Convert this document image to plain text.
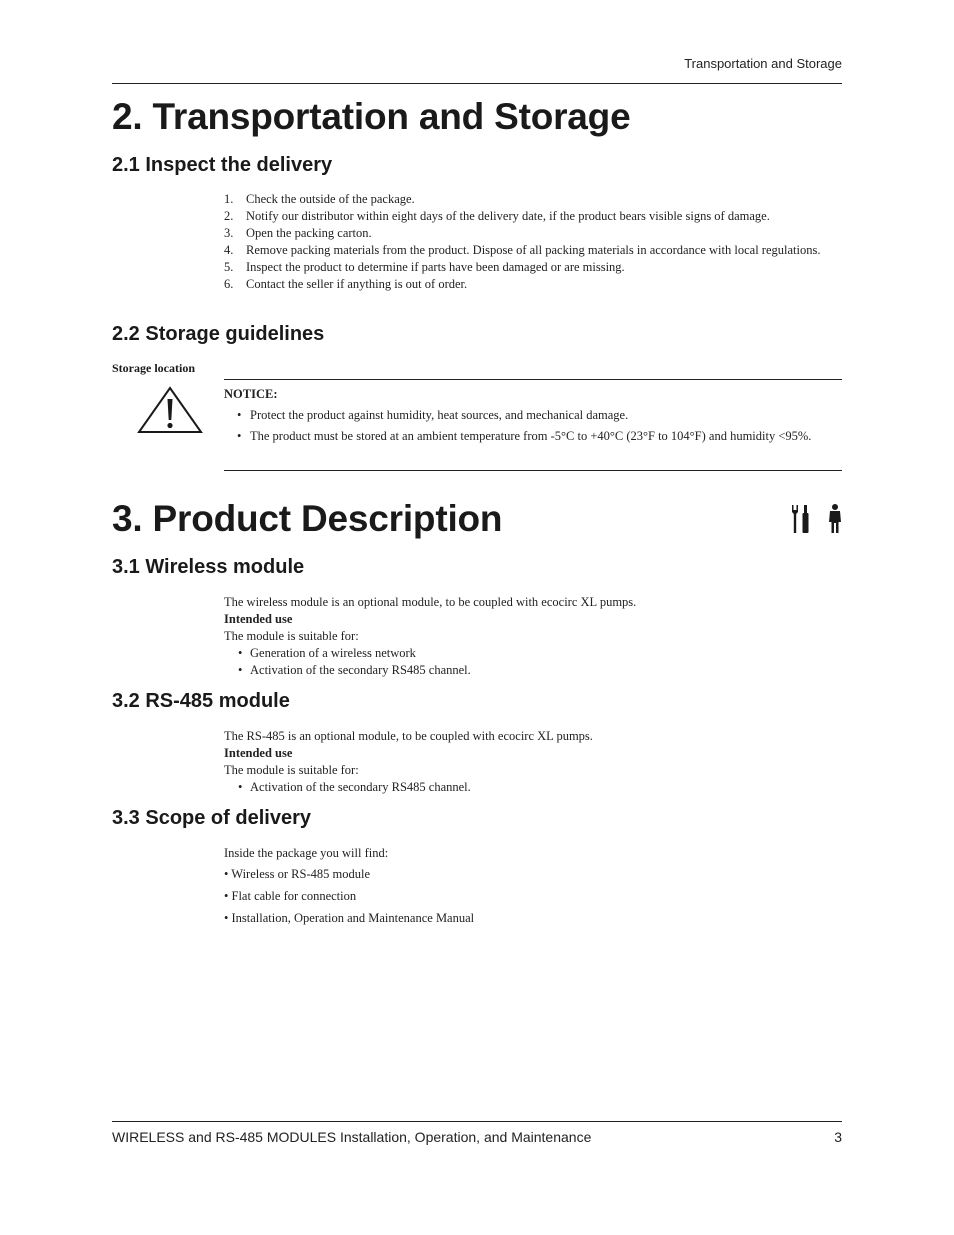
Transportation and Storage
2. Transportation and Storage
2.1 Inspect the delivery
1. Check the outside of the package.
2. Notify our distributor within eight days of the delivery date, if the product bears visible signs of damage.
3. Open the packing carton.
4. Remove packing materials from the product. Dispose of all packing materials in accordance with local regulations.
5. Inspect the product to determine if parts have been damaged or are missing.
6. Contact the seller if anything is out of order.
2.2 Storage guidelines
Storage location
NOTICE:
• Protect the product against humidity, heat sources, and mechanical damage.
• The product must be stored at an ambient temperature from -5°C to +40°C (23°F to 104°F) and humidity <95%.
3. Product Description
3.1 Wireless module
The wireless module is an optional module, to be coupled with ecocirc XL pumps.
Intended use
The module is suitable for:
• Generation of a wireless network
• Activation of the secondary RS485 channel.
3.2 RS-485 module
The RS-485 is an optional module, to be coupled with ecocirc XL pumps.
Intended use
The module is suitable for:
• Activation of the secondary RS485 channel.
3.3 Scope of delivery

Inside the package you will find:

• Wireless or RS-485 module

• Flat cable for connection

• Installation, Operation and Maintenance Manual

WIRELESS and RS-485 MODULES Installation, Operation, and Maintenance	3
